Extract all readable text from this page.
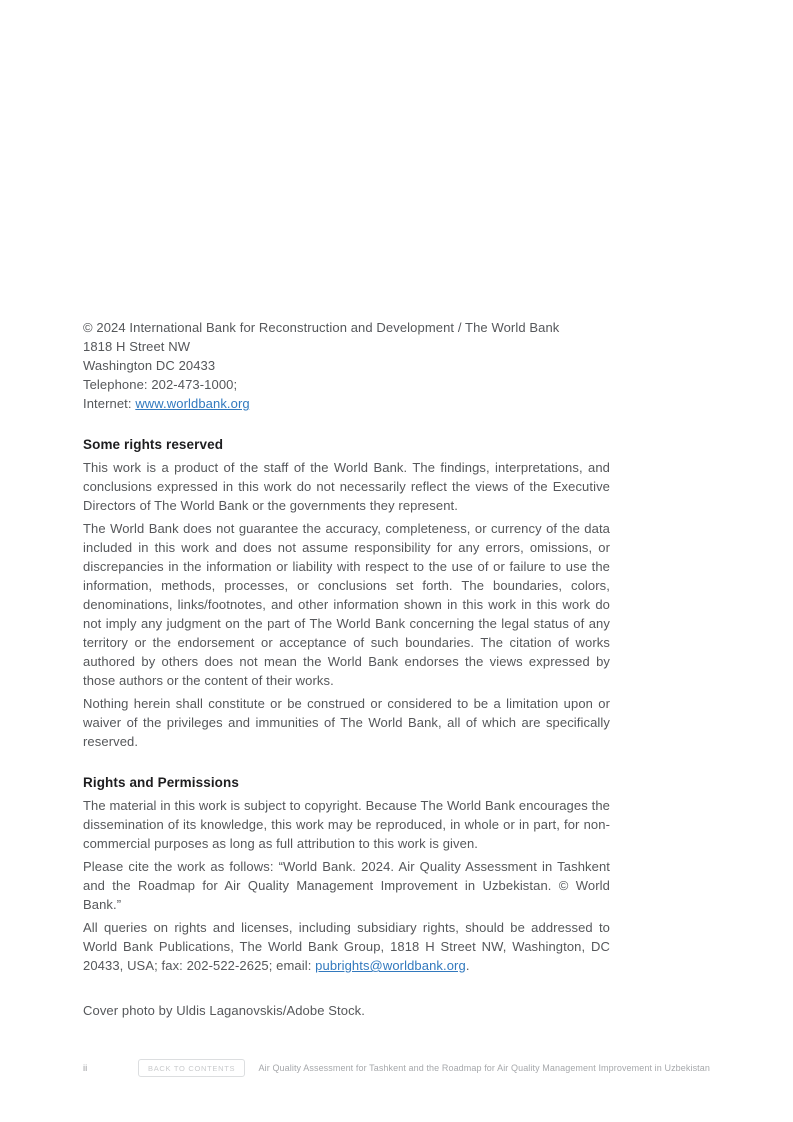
© 2024 International Bank for Reconstruction and Development / The World Bank
1818 H Street NW
Washington DC 20433
Telephone: 202-473-1000;
Internet: www.worldbank.org
Some rights reserved

This work is a product of the staff of the World Bank. The findings, interpretations, and conclusions expressed in this work do not necessarily reflect the views of the Executive Directors of The World Bank or the governments they represent.

The World Bank does not guarantee the accuracy, completeness, or currency of the data included in this work and does not assume responsibility for any errors, omissions, or discrepancies in the information or liability with respect to the use of or failure to use the information, methods, processes, or conclusions set forth. The boundaries, colors, denominations, links/footnotes, and other information shown in this work in this work do not imply any judgment on the part of The World Bank concerning the legal status of any territory or the endorsement or acceptance of such boundaries. The citation of works authored by others does not mean the World Bank endorses the views expressed by those authors or the content of their works.

Nothing herein shall constitute or be construed or considered to be a limitation upon or waiver of the privileges and immunities of The World Bank, all of which are specifically reserved.

Rights and Permissions

The material in this work is subject to copyright. Because The World Bank encourages the dissemination of its knowledge, this work may be reproduced, in whole or in part, for non-commercial purposes as long as full attribution to this work is given.

Please cite the work as follows: “World Bank. 2024. Air Quality Assessment in Tashkent and the Roadmap for Air Quality Management Improvement in Uzbekistan. © World Bank.”

All queries on rights and licenses, including subsidiary rights, should be addressed to World Bank Publications, The World Bank Group, 1818 H Street NW, Washington, DC 20433, USA; fax: 202-522-2625; email: pubrights@worldbank.org.

Cover photo by Uldis Laganovskis/Adobe Stock.

ii	BACK TO CONTENTS	Air Quality Assessment for Tashkent and the Roadmap for Air Quality Management Improvement in Uzbekistan
